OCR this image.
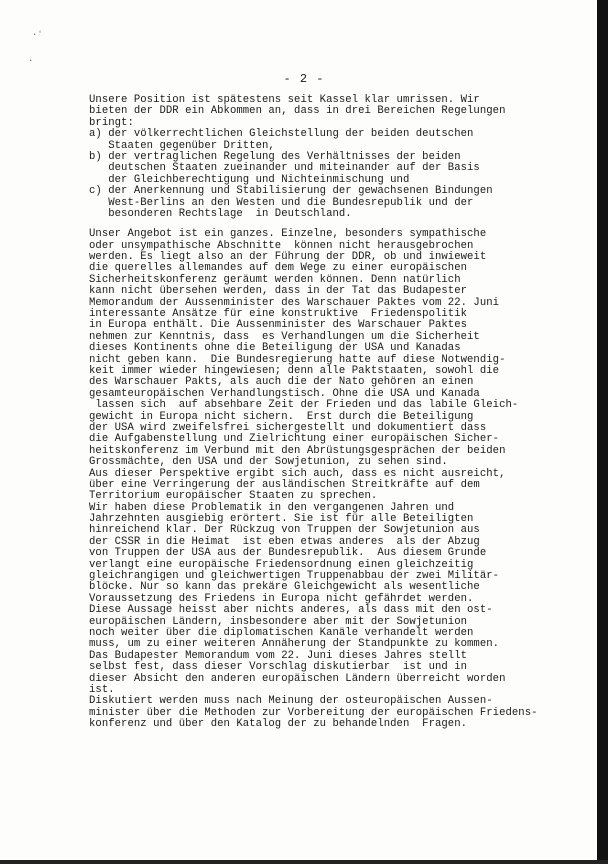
·ʻ
·
- 2 -
Unsere Position ist spätestens seit Kassel klar umrissen. Wir
bieten der DDR ein Abkommen an, dass in drei Bereichen Regelungen
bringt:
a) der völkerrechtlichen Gleichstellung der beiden deutschen
Staaten gegenüber Dritten,
b) der vertraglichen Regelung des Verhältnisses der beiden
deutschen Staaten zueinander und miteinander auf der Basis
der Gleichberechtigung und Nichteinmischung und
c) der Anerkennung und Stabilisierung der gewachsenen Bindungen
West-Berlins an den Westen und die Bundesrepublik und der
besonderen Rechtslage  in Deutschland.
Unser Angebot ist ein ganzes. Einzelne, besonders sympathische
oder unsympathische Abschnitte  können nicht herausgebrochen
werden. Es liegt also an der Führung der DDR, ob und inwieweit
die querelles allemandes auf dem Wege zu einer europäischen
Sicherheitskonferenz geräumt werden können. Denn natürlich
kann nicht übersehen werden, dass in der Tat das Budapester
Memorandum der Aussenminister des Warschauer Paktes vom 22. Juni
interessante Ansätze für eine konstruktive  Friedenspolitik
in Europa enthält. Die Aussenminister des Warschauer Paktes
nehmen zur Kenntnis, dass  es Verhandlungen um die Sicherheit
dieses Kontinents ohne die Beteiligung der USA und Kanadas
nicht geben kann.  Die Bundesregierung hatte auf diese Notwendig-
keit immer wieder hingewiesen; denn alle Paktstaaten, sowohl die
des Warschauer Pakts, als auch die der Nato gehören an einen
gesamteuropäischen Verhandlungstisch. Ohne die USA und Kanada
lassen sich  auf absehbare Zeit der Frieden und das labile Gleich-
gewicht in Europa nicht sichern.  Erst durch die Beteiligung
der USA wird zweifelsfrei sichergestellt und dokumentiert dass
die Aufgabenstellung und Zielrichtung einer europäischen Sicher-
heitskonferenz im Verbund mit den Abrüstungsgesprächen der beiden
Grossmächte, den USA und der Sowjetunion, zu sehen sind.
Aus dieser Perspektive ergibt sich auch, dass es nicht ausreicht,
über eine Verringerung der ausländischen Streitkräfte auf dem
Territorium europäischer Staaten zu sprechen.
Wir haben diese Problematik in den vergangenen Jahren und
Jahrzehnten ausgiebig erörtert. Sie ist für alle Beteiligten
hinreichend klar. Der Rückzug von Truppen der Sowjetunion aus
der CSSR in die Heimat  ist eben etwas anderes  als der Abzug
von Truppen der USA aus der Bundesrepublik.  Aus diesem Grunde
verlangt eine europäische Friedensordnung einen gleichzeitig
gleichrangigen und gleichwertigen Truppenabbau der zwei Militär-
blöcke. Nur so kann das prekäre Gleichgewicht als wesentliche
Voraussetzung des Friedens in Europa nicht gefährdet werden.
Diese Aussage heisst aber nichts anderes, als dass mit den ost-
europäischen Ländern, insbesondere aber mit der Sowjetunion
noch weiter über die diplomatischen Kanäle verhandelt werden
muss, um zu einer weiteren Annäherung der Standpunkte zu kommen.
Das Budapester Memorandum vom 22. Juni dieses Jahres stellt
selbst fest, dass dieser Vorschlag diskutierbar  ist und in
dieser Absicht den anderen europäischen Ländern überreicht worden
ist.
Diskutiert werden muss nach Meinung der osteuropäischen Aussen-
minister über die Methoden zur Vorbereitung der europäischen Friedens-
konferenz und über den Katalog der zu behandelnden  Fragen.
